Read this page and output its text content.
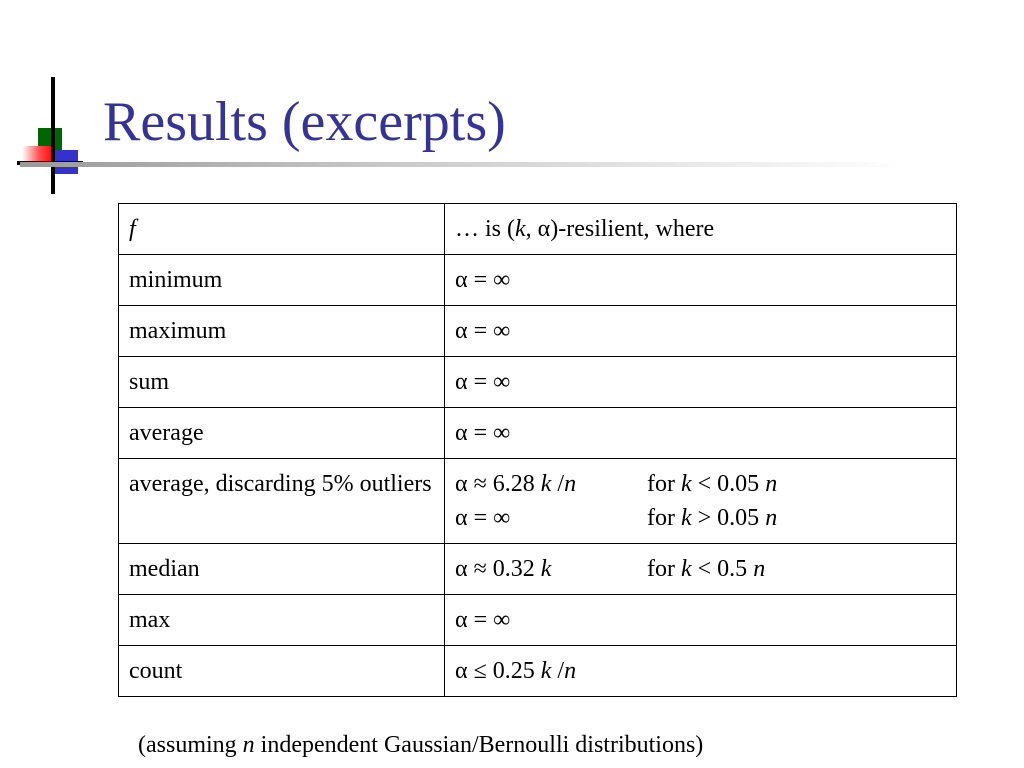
Results (excerpts)
f	… is (k, α)-resilient, where
minimum	α = ∞
maximum	α = ∞
sum	α = ∞
average	α = ∞
average, discarding 5% outliers	α ≈ 6.28 k /n for k < 0.05 n
α = ∞ for k > 0.05 n

median	α ≈ 0.32 k for k < 0.5 n

max	α = ∞
count	α ≤ 0.25 k /n

(assuming n independent Gaussian/Bernoulli distributions)
